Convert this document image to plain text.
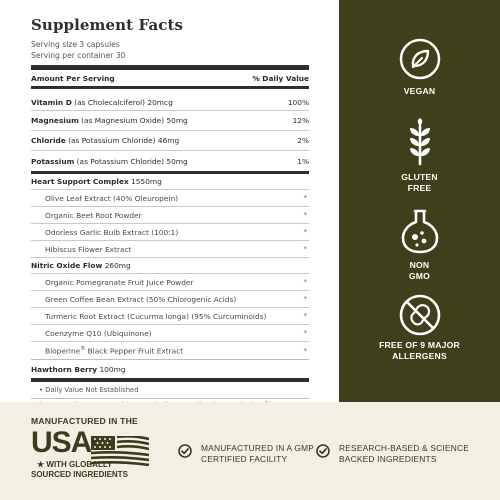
Supplement Facts
Serving size 3 capsules
Serving per container 30
Amount Per Serving	% Daily Value
Vitamin D (as Cholecalciferol) 20mcg	100%
Magnesium (as Magnesium Oxide) 50mg	12%
Chloride (as Potassium Chloride) 46mg	2%
Potassium (as Potassium Chloride) 50mg	1%
Heart Support Complex 1550mg
Olive Leaf Extract (40% Oleuropein)	*
Organic Beet Root Powder	*
Odorless Garlic Bulb Extract (100:1)	*
Hibiscus Flower Extract	*
Nitric Oxide Flow 260mg
Organic Pomegranate Fruit Juice Powder	*
Green Coffee Bean Extract (50% Chlorogenic Acids)	*
Turmeric Root Extract (Cucurma longa) (95% Curcuminoids)	*
Coenzyme Q10 (Ubiquinone)	*
Bioperine® Black Pepper Fruit Extract	*
Hawthorn Berry 100mg
• Daily Value Not Established
VEGAN
GLUTEN
FREE
NON
GMO
FREE OF 9 MAJOR
ALLERGENS
MANUFACTURED IN THE
USA
★ WITH GLOBALLY
SOURCED INGREDIENTS
MANUFACTURED IN A GMP
CERTIFIED FACILITY
RESEARCH-BASED & SCIENCE
BACKED INGREDIENTS
